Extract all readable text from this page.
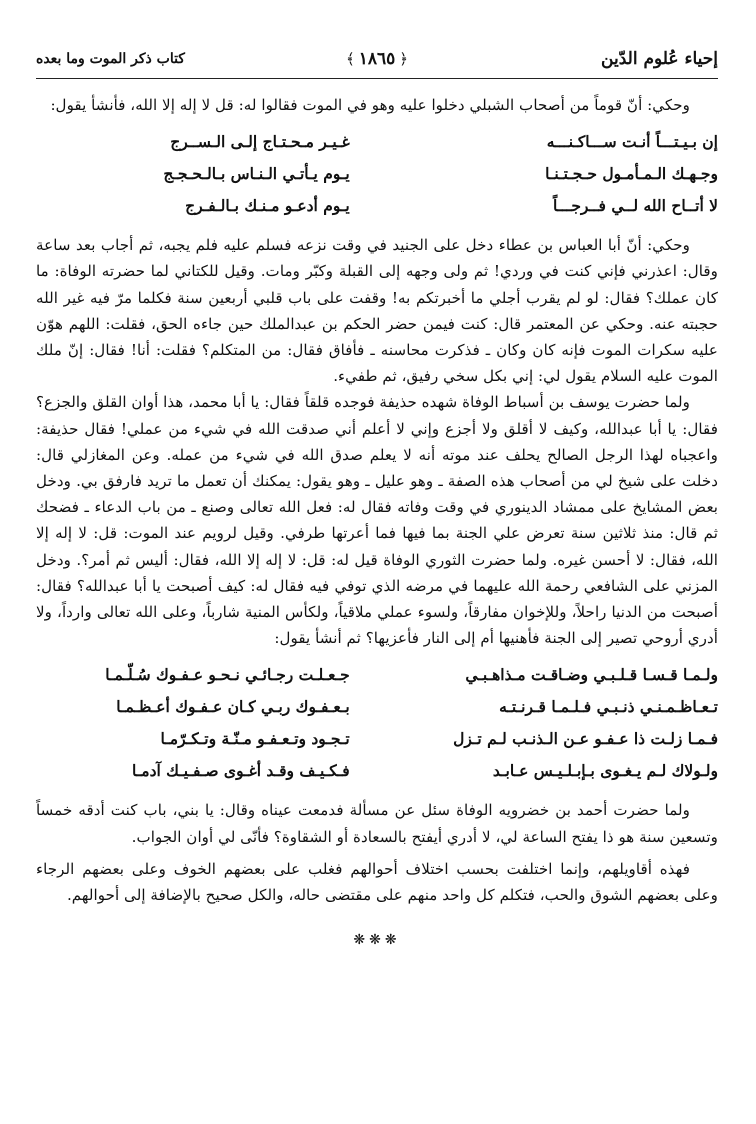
إحياء عُلوم الدّين
﴿١٨٦٥﴾
كتاب ذكر الموت وما بعده

وحكي: أنّ قوماً من أصحاب الشبلي دخلوا عليه وهو في الموت فقالوا له: قل لا إله إلا الله، فأنشأ يقول:

إن بـيـتـــاً أنـت ســـاكـنـــه
غـيـر مـحـتـاج إلـى الـســرج
وجـهـك الـمـأمـول حـجـتـنـا
يـوم يـأتـي الـنـاس بـالـحـجـج
لا أتــاح الله لــي فــرجـــاً
يـوم أدعـو مـنـك بـالـفـرج

وحكي: أنّ أبا العباس بن عطاء دخل على الجنيد في وقت نزعه فسلم عليه فلم يجبه، ثم أجاب بعد ساعة وقال: اعذرني فإني كنت في وردي! ثم ولى وجهه إلى القبلة وكبّر ومات. وقيل للكتاني لما حضرته الوفاة: ما كان عملك؟ فقال: لو لم يقرب أجلي ما أخبرتكم به! وقفت على باب قلبي أربعين سنة فكلما مرّ فيه غير الله حجبته عنه. وحكي عن المعتمر قال: كنت فيمن حضر الحكم بن عبدالملك حين جاءه الحق، فقلت: اللهم هوّن عليه سكرات الموت فإنه كان وكان ـ فذكرت محاسنه ـ فأفاق فقال: من المتكلم؟ فقلت: أنا! فقال: إنّ ملك الموت عليه السلام يقول لي: إني بكل سخي رفيق، ثم طفيء.

ولما حضرت يوسف بن أسباط الوفاة شهده حذيفة فوجده قلقاً فقال: يا أبا محمد، هذا أوان القلق والجزع؟ فقال: يا أبا عبدالله، وكيف لا أقلق ولا أجزع وإني لا أعلم أني صدقت الله في شيء من عملي! فقال حذيفة: واعجباه لهذا الرجل الصالح يحلف عند موته أنه لا يعلم صدق الله في شيء من عمله. وعن المغازلي قال: دخلت على شيخ لي من أصحاب هذه الصفة ـ وهو عليل ـ وهو يقول: يمكنك أن تعمل ما تريد فارفق بي. ودخل بعض المشايخ على ممشاد الدينوري في وقت وفاته فقال له: فعل الله تعالى وصنع ـ من باب الدعاء ـ فضحك ثم قال: منذ ثلاثين سنة تعرض علي الجنة بما فيها فما أعرتها طرفي. وقيل لرويم عند الموت: قل: لا إله إلا الله، فقال: لا أحسن غيره. ولما حضرت الثوري الوفاة قيل له: قل: لا إله إلا الله، فقال: أليس ثم أمر؟. ودخل المزني على الشافعي رحمة الله عليهما في مرضه الذي توفي فيه فقال له: كيف أصبحت يا أبا عبدالله؟ فقال: أصبحت من الدنيا راحلاً، وللإخوان مفارقاً، ولسوء عملي ملاقياً، ولكأس المنية شارباً، وعلى الله تعالى وارداً، ولا أدري أروحي تصير إلى الجنة فأهنيها أم إلى النار فأعزيها؟ ثم أنشأ يقول:

ولـمـا قـسـا قـلـبـي وضـاقـت مـذاهـبـي
جـعـلـت رجـائـي نـحـو عـفـوك سُـلّـمـا
تـعـاظـمـنـي ذنـبـي فـلـمـا قـرنـتـه
بـعـفـوك ربـي كـان عـفـوك أعـظـمـا
فـمـا زلـت ذا عـفـو عـن الـذنـب لـم تـزل
تـجـود وتـعـفـو مـنّـة وتـكـرّمـا
ولـولاك لـم يـغـوى بـإبـلـيـس عـابـد
فـكـيـف وقـد أغـوى صـفـيـك آدمـا

ولما حضرت أحمد بن خضرويه الوفاة سئل عن مسألة فدمعت عيناه وقال: يا بني، باب كنت أدقه خمساً وتسعين سنة هو ذا يفتح الساعة لي، لا أدري أيفتح بالسعادة أو الشقاوة؟ فأنّى لي أوان الجواب.

فهذه أقاويلهم، وإنما اختلفت بحسب اختلاف أحوالهم فغلب على بعضهم الخوف وعلى بعضهم الرجاء وعلى بعضهم الشوق والحب، فتكلم كل واحد منهم على مقتضى حاله، والكل صحيح بالإضافة إلى أحوالهم.

❋❋❋
